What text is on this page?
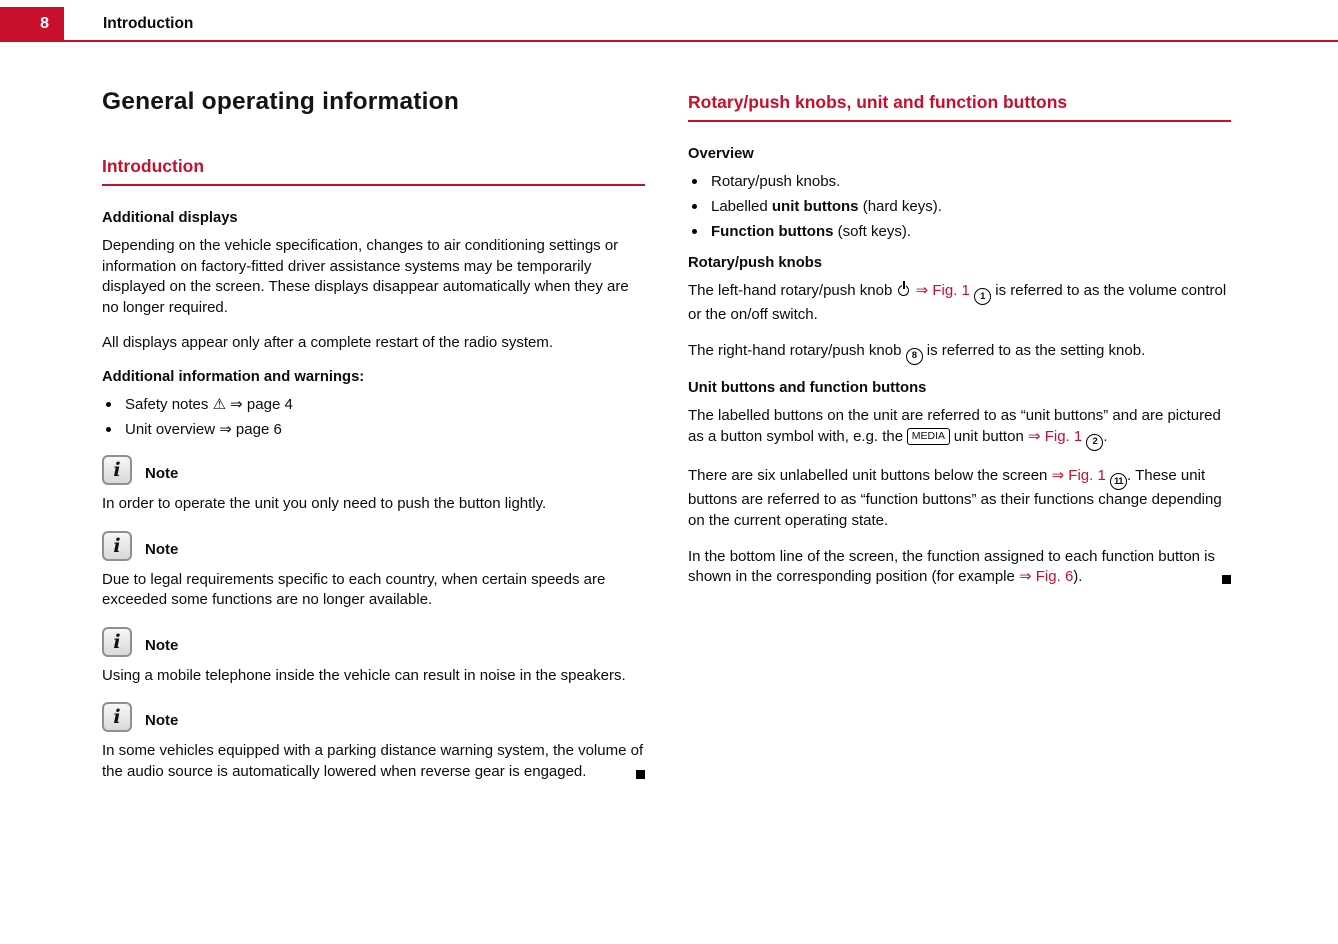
8	Introduction
General operating information
Introduction
Additional displays
Depending on the vehicle specification, changes to air conditioning settings or information on factory-fitted driver assistance systems may be temporarily displayed on the screen. These displays disappear automatically when they are no longer required.
All displays appear only after a complete restart of the radio system.
Additional information and warnings:
Safety notes ⚠ ⇒ page 4
Unit overview ⇒ page 6
i	Note
In order to operate the unit you only need to push the button lightly.
i	Note
Due to legal requirements specific to each country, when certain speeds are exceeded some functions are no longer available.
i	Note
Using a mobile telephone inside the vehicle can result in noise in the speakers.
i	Note
In some vehicles equipped with a parking distance warning system, the volume of the audio source is automatically lowered when reverse gear is engaged.
Rotary/push knobs, unit and function buttons
Overview
Rotary/push knobs.
Labelled unit buttons (hard keys).
Function buttons (soft keys).
Rotary/push knobs
The left-hand rotary/push knob  ⇒ Fig. 1 1 is referred to as the volume control or the on/off switch.
The right-hand rotary/push knob 8 is referred to as the setting knob.
Unit buttons and function buttons
The labelled buttons on the unit are referred to as “unit buttons” and are pictured as a button symbol with, e.g. the MEDIA unit button ⇒ Fig. 1 2 .
There are six unlabelled unit buttons below the screen ⇒ Fig. 1 11 . These unit buttons are referred to as “function buttons” as their functions change depending on the current operating state.
In the bottom line of the screen, the function assigned to each function button is shown in the corresponding position (for example ⇒ Fig. 6).
